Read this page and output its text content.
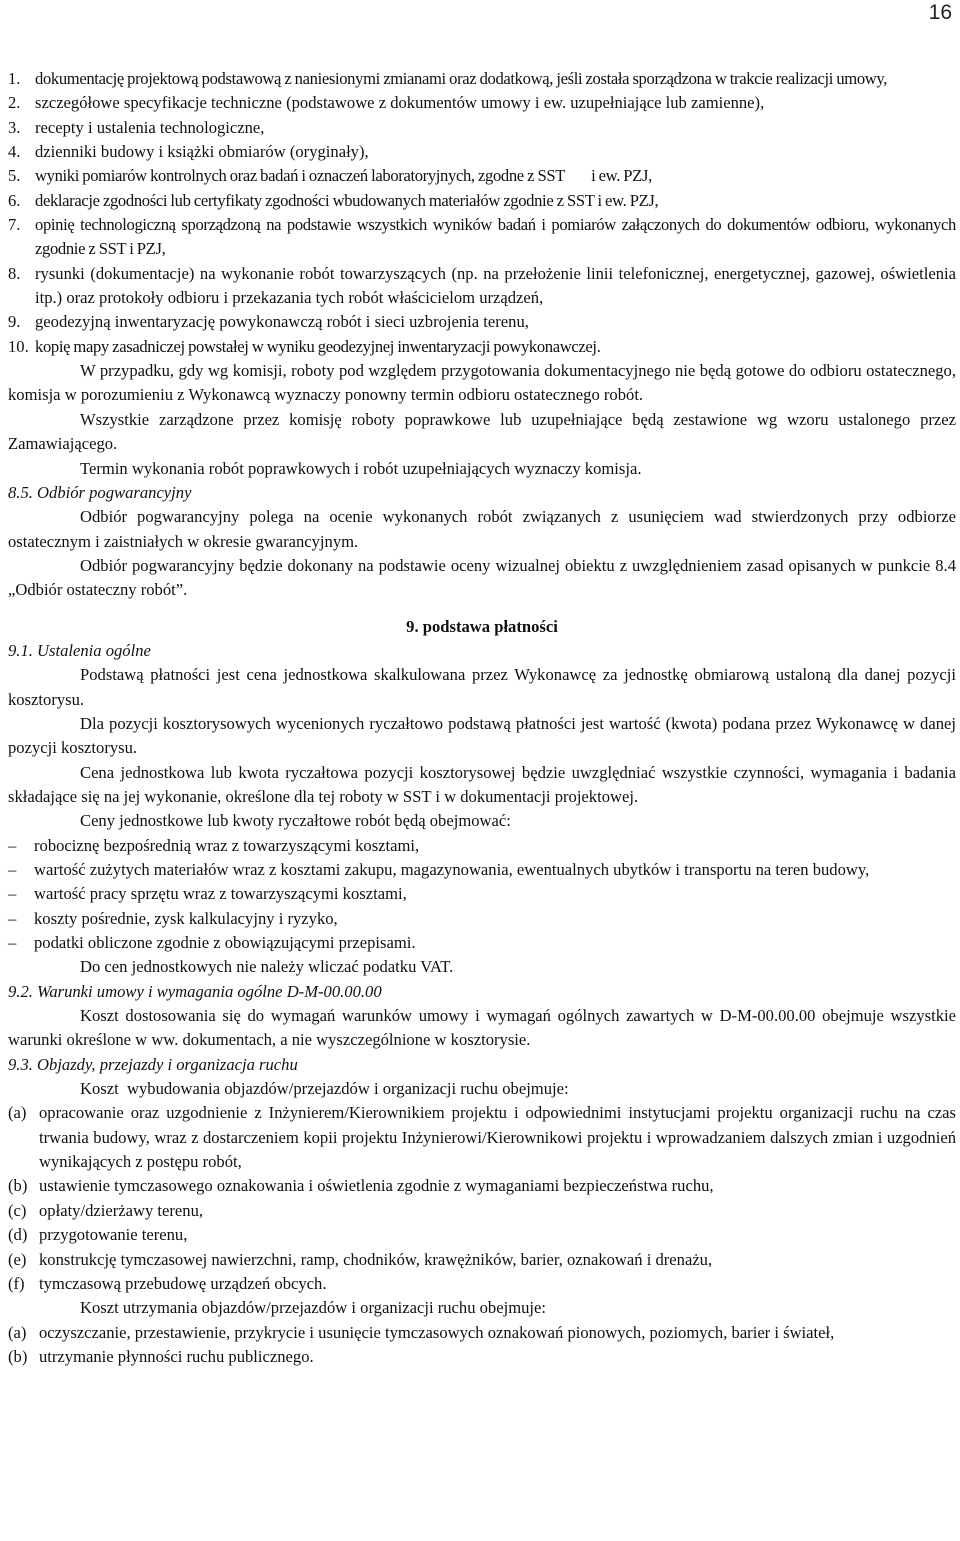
16
1. dokumentację projektową podstawową z naniesionymi zmianami oraz dodatkową, jeśli została sporządzona w trakcie realizacji umowy,
2. szczegółowe specyfikacje techniczne (podstawowe z dokumentów umowy i ew. uzupełniające lub zamienne),
3. recepty i ustalenia technologiczne,
4. dzienniki budowy i książki obmiarów (oryginały),
5. wyniki pomiarów kontrolnych oraz badań i oznaczeń laboratoryjnych, zgodne z SST        i ew. PZJ,
6. deklaracje zgodności lub certyfikaty zgodności wbudowanych materiałów zgodnie z SST i ew. PZJ,
7. opinię technologiczną sporządzoną na podstawie wszystkich wyników badań i pomiarów załączonych do dokumentów odbioru, wykonanych zgodnie z SST i PZJ,
8. rysunki (dokumentacje) na wykonanie robót towarzyszących (np. na przełożenie linii telefonicznej, energetycznej, gazowej, oświetlenia itp.) oraz protokoły odbioru i przekazania tych robót właścicielom urządzeń,
9. geodezyjną inwentaryzację powykonawczą robót i sieci uzbrojenia terenu,
10. kopię mapy zasadniczej powstałej w wyniku geodezyjnej inwentaryzacji powykonawczej.

W przypadku, gdy wg komisji, roboty pod względem przygotowania dokumentacyjnego nie będą gotowe do odbioru ostatecznego, komisja w porozumieniu z Wykonawcą wyznaczy ponowny termin odbioru ostatecznego robót.

Wszystkie zarządzone przez komisję roboty poprawkowe lub uzupełniające będą zestawione wg wzoru ustalonego przez Zamawiającego.

Termin wykonania robót poprawkowych i robót uzupełniających wyznaczy komisja.

8.5. Odbiór pogwarancyjny

Odbiór pogwarancyjny polega na ocenie wykonanych robót związanych z usunięciem wad stwierdzonych przy odbiorze ostatecznym i zaistniałych w okresie gwarancyjnym.

Odbiór pogwarancyjny będzie dokonany na podstawie oceny wizualnej obiektu z uwzględnieniem zasad opisanych w punkcie 8.4 „Odbiór ostateczny robót”.

9. podstawa płatności
9.1. Ustalenia ogólne

Podstawą płatności jest cena jednostkowa skalkulowana przez Wykonawcę za jednostkę obmiarową ustaloną dla danej pozycji kosztorysu.

Dla pozycji kosztorysowych wycenionych ryczałtowo podstawą płatności jest wartość (kwota) podana przez Wykonawcę w danej pozycji kosztorysu.

Cena jednostkowa lub kwota ryczałtowa pozycji kosztorysowej będzie uwzględniać wszystkie czynności, wymagania i badania składające się na jej wykonanie, określone dla tej roboty w SST i w dokumentacji projektowej.

Ceny jednostkowe lub kwoty ryczałtowe robót będą obejmować:

–	robociznę bezpośrednią wraz z towarzyszącymi kosztami,
–	wartość zużytych materiałów wraz z kosztami zakupu, magazynowania, ewentualnych ubytków i transportu na teren budowy,
–	wartość pracy sprzętu wraz z towarzyszącymi kosztami,
–	koszty pośrednie, zysk kalkulacyjny i ryzyko,
–	podatki obliczone zgodnie z obowiązującymi przepisami.

Do cen jednostkowych nie należy wliczać podatku VAT.

9.2. Warunki umowy i wymagania ogólne D-M-00.00.00

Koszt dostosowania się do wymagań warunków umowy i wymagań ogólnych zawartych w D-M-00.00.00 obejmuje wszystkie warunki określone w ww. dokumentach, a nie wyszczególnione w kosztorysie.

9.3. Objazdy, przejazdy i organizacja ruchu

Koszt  wybudowania objazdów/przejazdów i organizacji ruchu obejmuje:

(a) opracowanie oraz uzgodnienie z Inżynierem/Kierownikiem projektu i odpowiednimi instytucjami projektu organizacji ruchu na czas trwania budowy, wraz z dostarczeniem kopii projektu Inżynierowi/Kierownikowi projektu i wprowadzaniem dalszych zmian i uzgodnień wynikających z postępu robót,
(b) ustawienie tymczasowego oznakowania i oświetlenia zgodnie z wymaganiami bezpieczeństwa ruchu,
(c) opłaty/dzierżawy terenu,
(d) przygotowanie terenu,
(e) konstrukcję tymczasowej nawierzchni, ramp, chodników, krawężników, barier, oznakowań i drenażu,
(f) tymczasową przebudowę urządzeń obcych.

Koszt utrzymania objazdów/przejazdów i organizacji ruchu obejmuje:

(a) oczyszczanie, przestawienie, przykrycie i usunięcie tymczasowych oznakowań pionowych, poziomych, barier i świateł,
(b) utrzymanie płynności ruchu publicznego.
